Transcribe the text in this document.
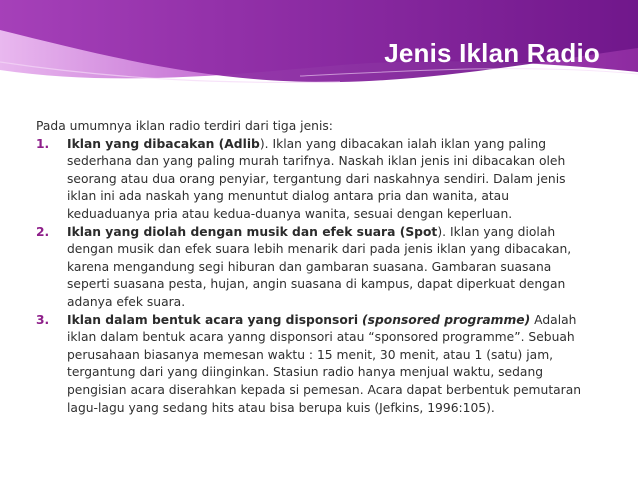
Jenis Iklan Radio

Pada umumnya iklan radio terdiri dari tiga jenis:

1. Iklan yang dibacakan (Adlib). Iklan yang dibacakan ialah iklan yang paling sederhana dan yang paling murah tarifnya. Naskah iklan jenis ini dibacakan oleh seorang atau dua orang penyiar, tergantung dari naskahnya sendiri. Dalam jenis iklan ini ada naskah yang menuntut dialog antara pria dan wanita, atau keduaduanya pria atau kedua-duanya wanita, sesuai dengan keperluan.
2. Iklan yang diolah dengan musik dan efek suara (Spot). Iklan yang diolah dengan musik dan efek suara lebih menarik dari pada jenis iklan yang dibacakan, karena mengandung segi hiburan dan gambaran suasana. Gambaran suasana seperti suasana pesta, hujan, angin suasana di kampus, dapat diperkuat dengan adanya efek suara.
3. Iklan dalam bentuk acara yang disponsori (sponsored programme) Adalah iklan dalam bentuk acara yanng disponsori atau “sponsored programme”. Sebuah perusahaan biasanya memesan waktu : 15 menit, 30 menit, atau 1 (satu) jam, tergantung dari yang diinginkan. Stasiun radio hanya menjual waktu, sedang pengisian acara diserahkan kepada si pemesan. Acara dapat berbentuk pemutaran lagu-lagu yang sedang hits atau bisa berupa kuis (Jefkins, 1996:105).
